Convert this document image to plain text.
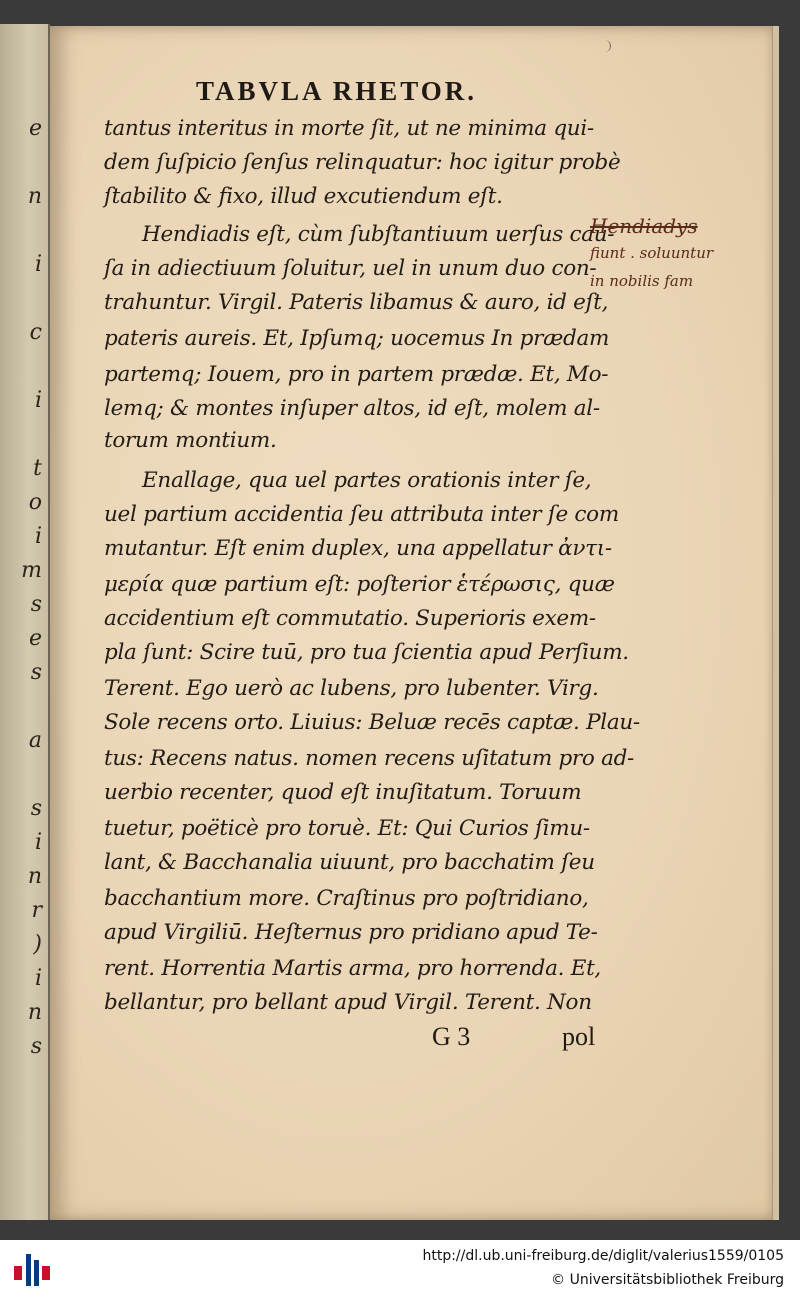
e
n
i
c
i
t
o
i
m
s
e
s
a
s
i
n
r
)
i
n
s
TABVLA RHETOR.
tantus interitus in morte ſit, ut ne minima qui-
dem ſuſpicio ſenſus relinquatur: hoc igitur probè
ſtabilito & fixo, illud excutiendum eſt.
Hendiadis eſt, cùm ſubſtantiuum uerſus cau-
ſa in adiectiuum ſoluitur, uel in unum duo con-
trahuntur. Virgil. Pateris libamus & auro, id eſt,
pateris aureis. Et, Ipſumq; uocemus In prædam
partemq; Iouem, pro in partem prædæ. Et, Mo-
lemq; & montes inſuper altos, id eſt, molem al-
torum montium.
Enallage, qua uel partes orationis inter ſe,
uel partium accidentia ſeu attributa inter ſe com
mutantur. Eſt enim duplex, una appellatur ἀντι-
μερία quæ partium eſt: poſterior ἑτέρωσις, quæ
accidentium eſt commutatio. Superioris exem-
pla ſunt: Scire tuū, pro tua ſcientia apud Perſium.
Terent. Ego uerò ac lubens, pro lubenter. Virg.
Sole recens orto. Liuius: Beluæ recēs captæ. Plau-
tus: Recens natus. nomen recens uſitatum pro ad-
uerbio recenter, quod eſt inuſitatum. Toruum
tuetur, poëticè pro toruè. Et: Qui Curios ſimu-
lant, & Bacchanalia uiuunt, pro bacchatim ſeu
bacchantium more. Craſtinus pro poſtridiano,
apud Virgiliū. Heſternus pro pridiano apud Te-
rent. Horrentia Martis arma, pro horrenda. Et,
bellantur, pro bellant apud Virgil. Terent. Non
G 3	pol
Hendiadys
fiunt . soluuntur
in nobilis fam
http://dl.ub.uni-freiburg.de/diglit/valerius1559/0105
© Universitätsbibliothek Freiburg
